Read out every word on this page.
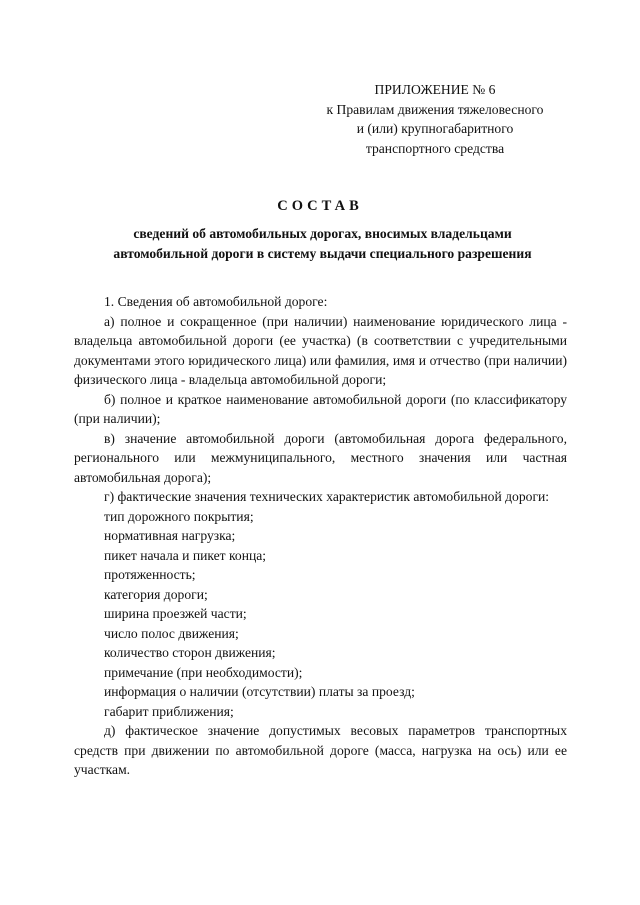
ПРИЛОЖЕНИЕ № 6
к Правилам движения тяжеловесного
и (или) крупногабаритного
транспортного средства
СОСТАВ
сведений об автомобильных дорогах, вносимых владельцами
автомобильной дороги в систему выдачи специального разрешения

1. Сведения об автомобильной дороге:

а) полное и сокращенное (при наличии) наименование юридического лица - владельца автомобильной дороги (ее участка) (в соответствии с учредительными документами этого юридического лица) или фамилия, имя и отчество (при наличии) физического лица - владельца автомобильной дороги;

б) полное и краткое наименование автомобильной дороги (по классификатору (при наличии);

в) значение автомобильной дороги (автомобильная дорога федерального, регионального или межмуниципального, местного значения или частная автомобильная дорога);

г) фактические значения технических характеристик автомобильной дороги:

тип дорожного покрытия;

нормативная нагрузка;

пикет начала и пикет конца;

протяженность;

категория дороги;

ширина проезжей части;

число полос движения;

количество сторон движения;

примечание (при необходимости);

информация о наличии (отсутствии) платы за проезд;

габарит приближения;

д) фактическое значение допустимых весовых параметров транспортных средств при движении по автомобильной дороге (масса, нагрузка на ось) или ее участкам.
